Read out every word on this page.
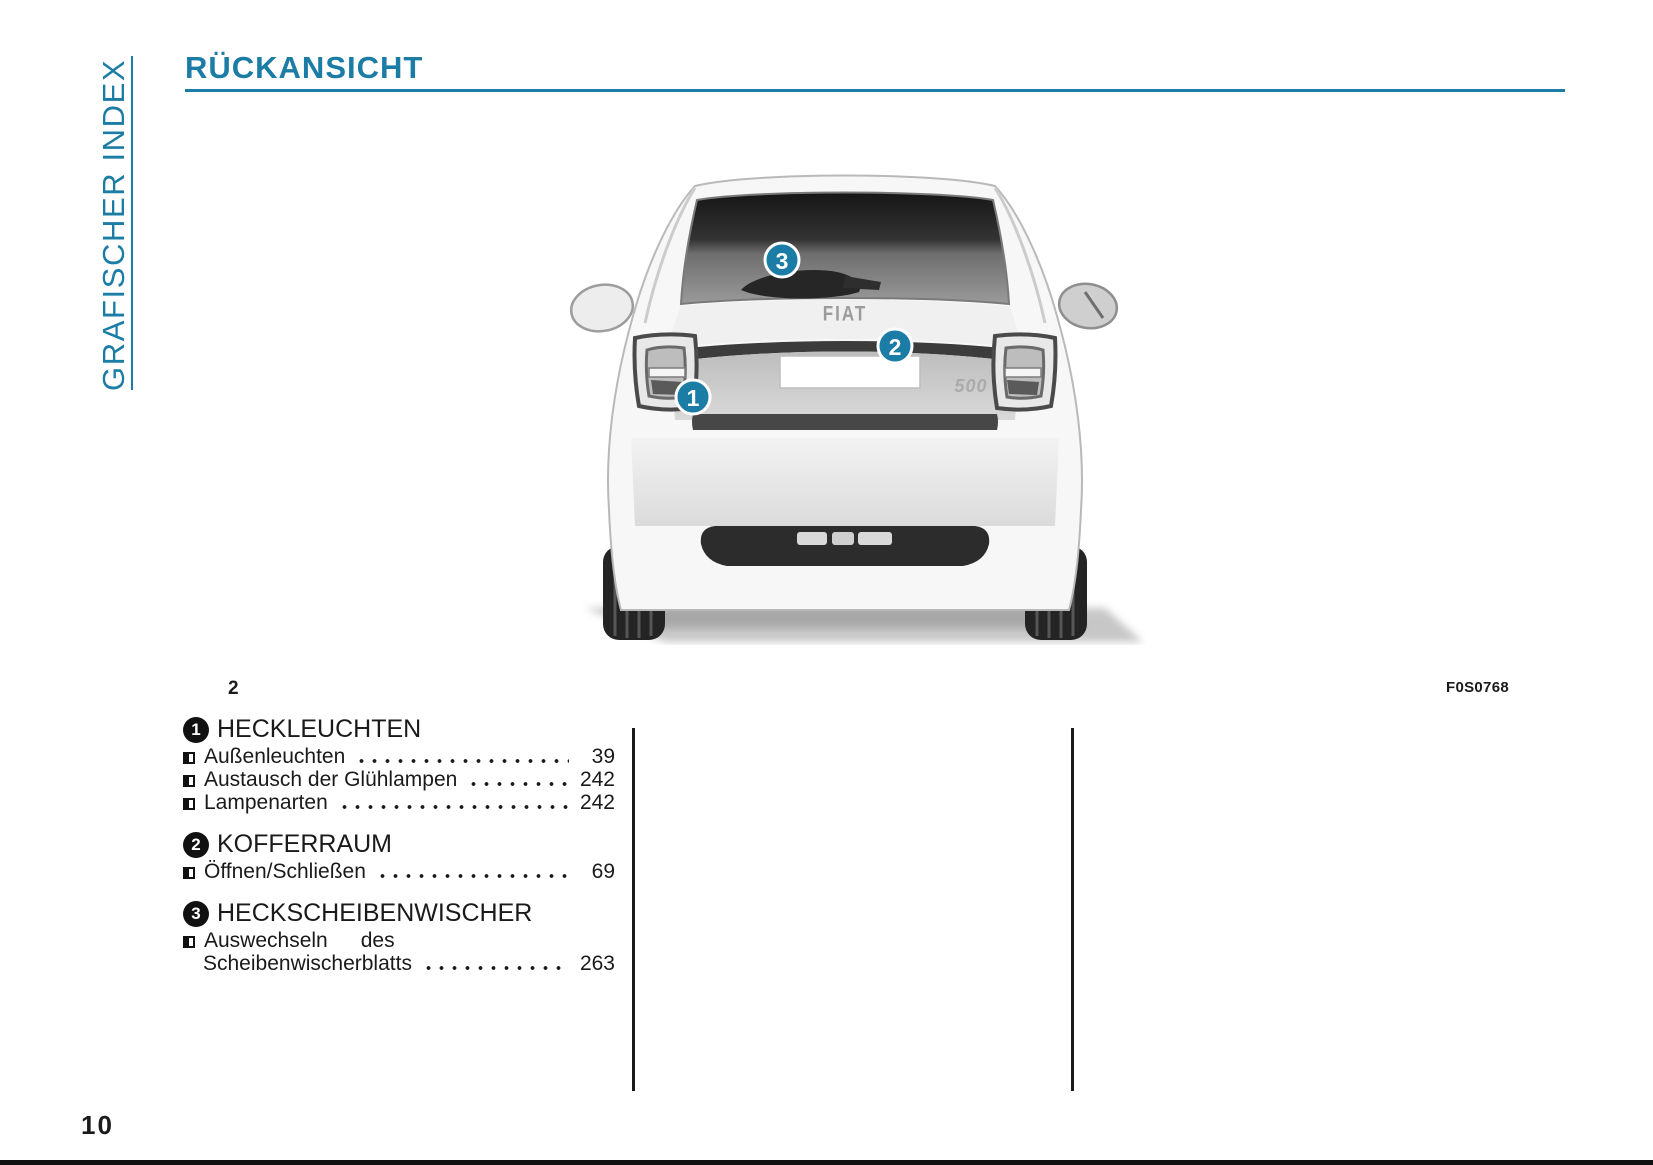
GRAFISCHER INDEX RÜCKANSICHT
FIAT
500
3
2
1
2	F0S0768
1 HECKLEUCHTEN
Außenleuchten	39
Austausch der Glühlampen	242
Lampenarten	242
2 KOFFERRAUM
Öffnen/Schließen	69
3 HECKSCHEIBENWISCHER
Auswechseln des
Scheibenwischerblatts	263
10
